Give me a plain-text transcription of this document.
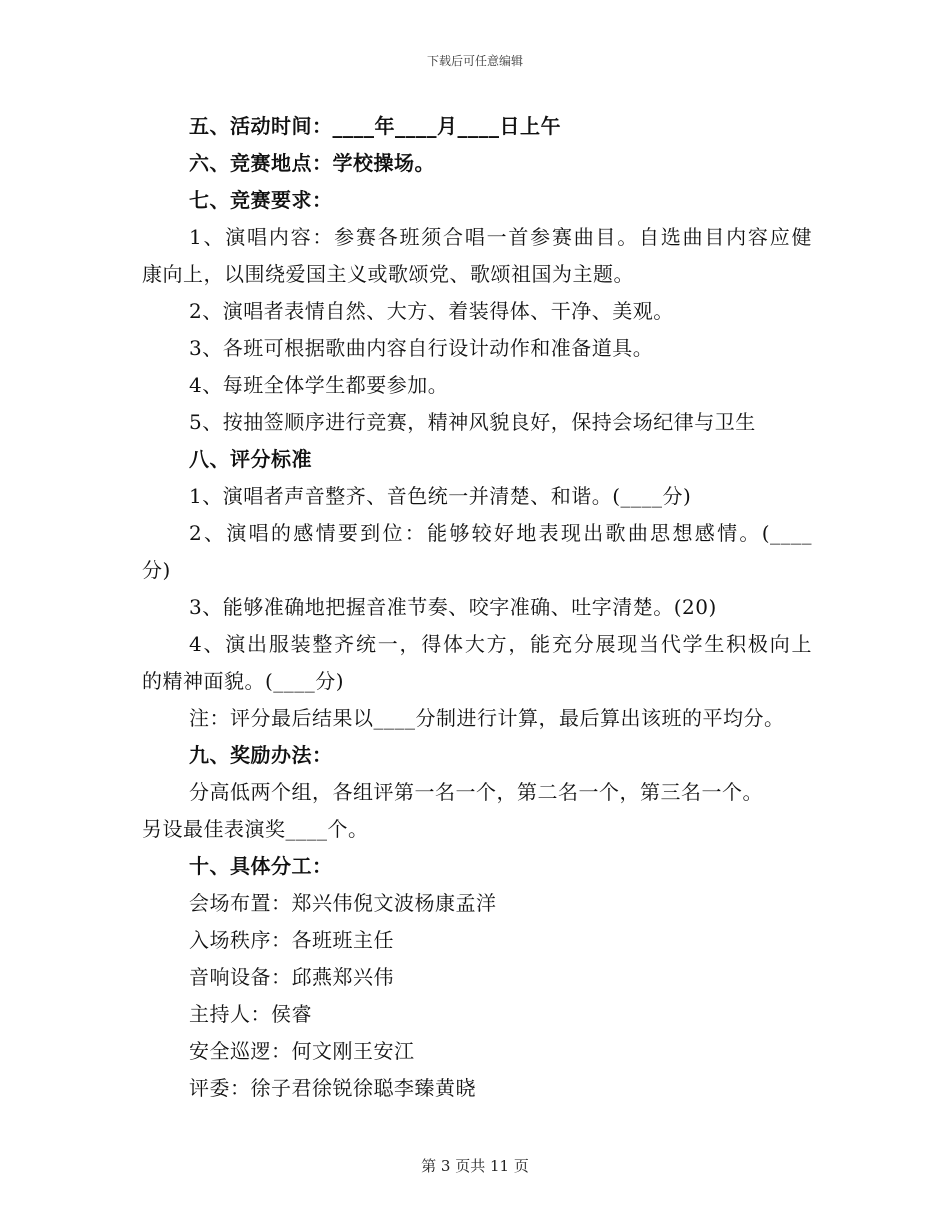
下载后可任意编辑
五、活动时间：____年____月____日上午
六、竞赛地点：学校操场。
七、竞赛要求：
1、演唱内容：参赛各班须合唱一首参赛曲目。自选曲目内容应健
康向上，以围绕爱国主义或歌颂党、歌颂祖国为主题。
2、演唱者表情自然、大方、着装得体、干净、美观。
3、各班可根据歌曲内容自行设计动作和准备道具。
4、每班全体学生都要参加。
5、按抽签顺序进行竞赛，精神风貌良好，保持会场纪律与卫生
八、评分标准
1、演唱者声音整齐、音色统一并清楚、和谐。(____分)
2、演唱的感情要到位：能够较好地表现出歌曲思想感情。(____
分)
3、能够准确地把握音准节奏、咬字准确、吐字清楚。(20)
4、演出服装整齐统一，得体大方，能充分展现当代学生积极向上
的精神面貌。(____分)
注：评分最后结果以____分制进行计算，最后算出该班的平均分。
九、奖励办法：
分高低两个组，各组评第一名一个，第二名一个，第三名一个。
另设最佳表演奖____个。
十、具体分工：
会场布置：郑兴伟倪文波杨康孟洋
入场秩序：各班班主任
音响设备：邱燕郑兴伟
主持人：侯睿
安全巡逻：何文刚王安江
评委：徐子君徐锐徐聪李臻黄晓
第 3 页共 11 页
